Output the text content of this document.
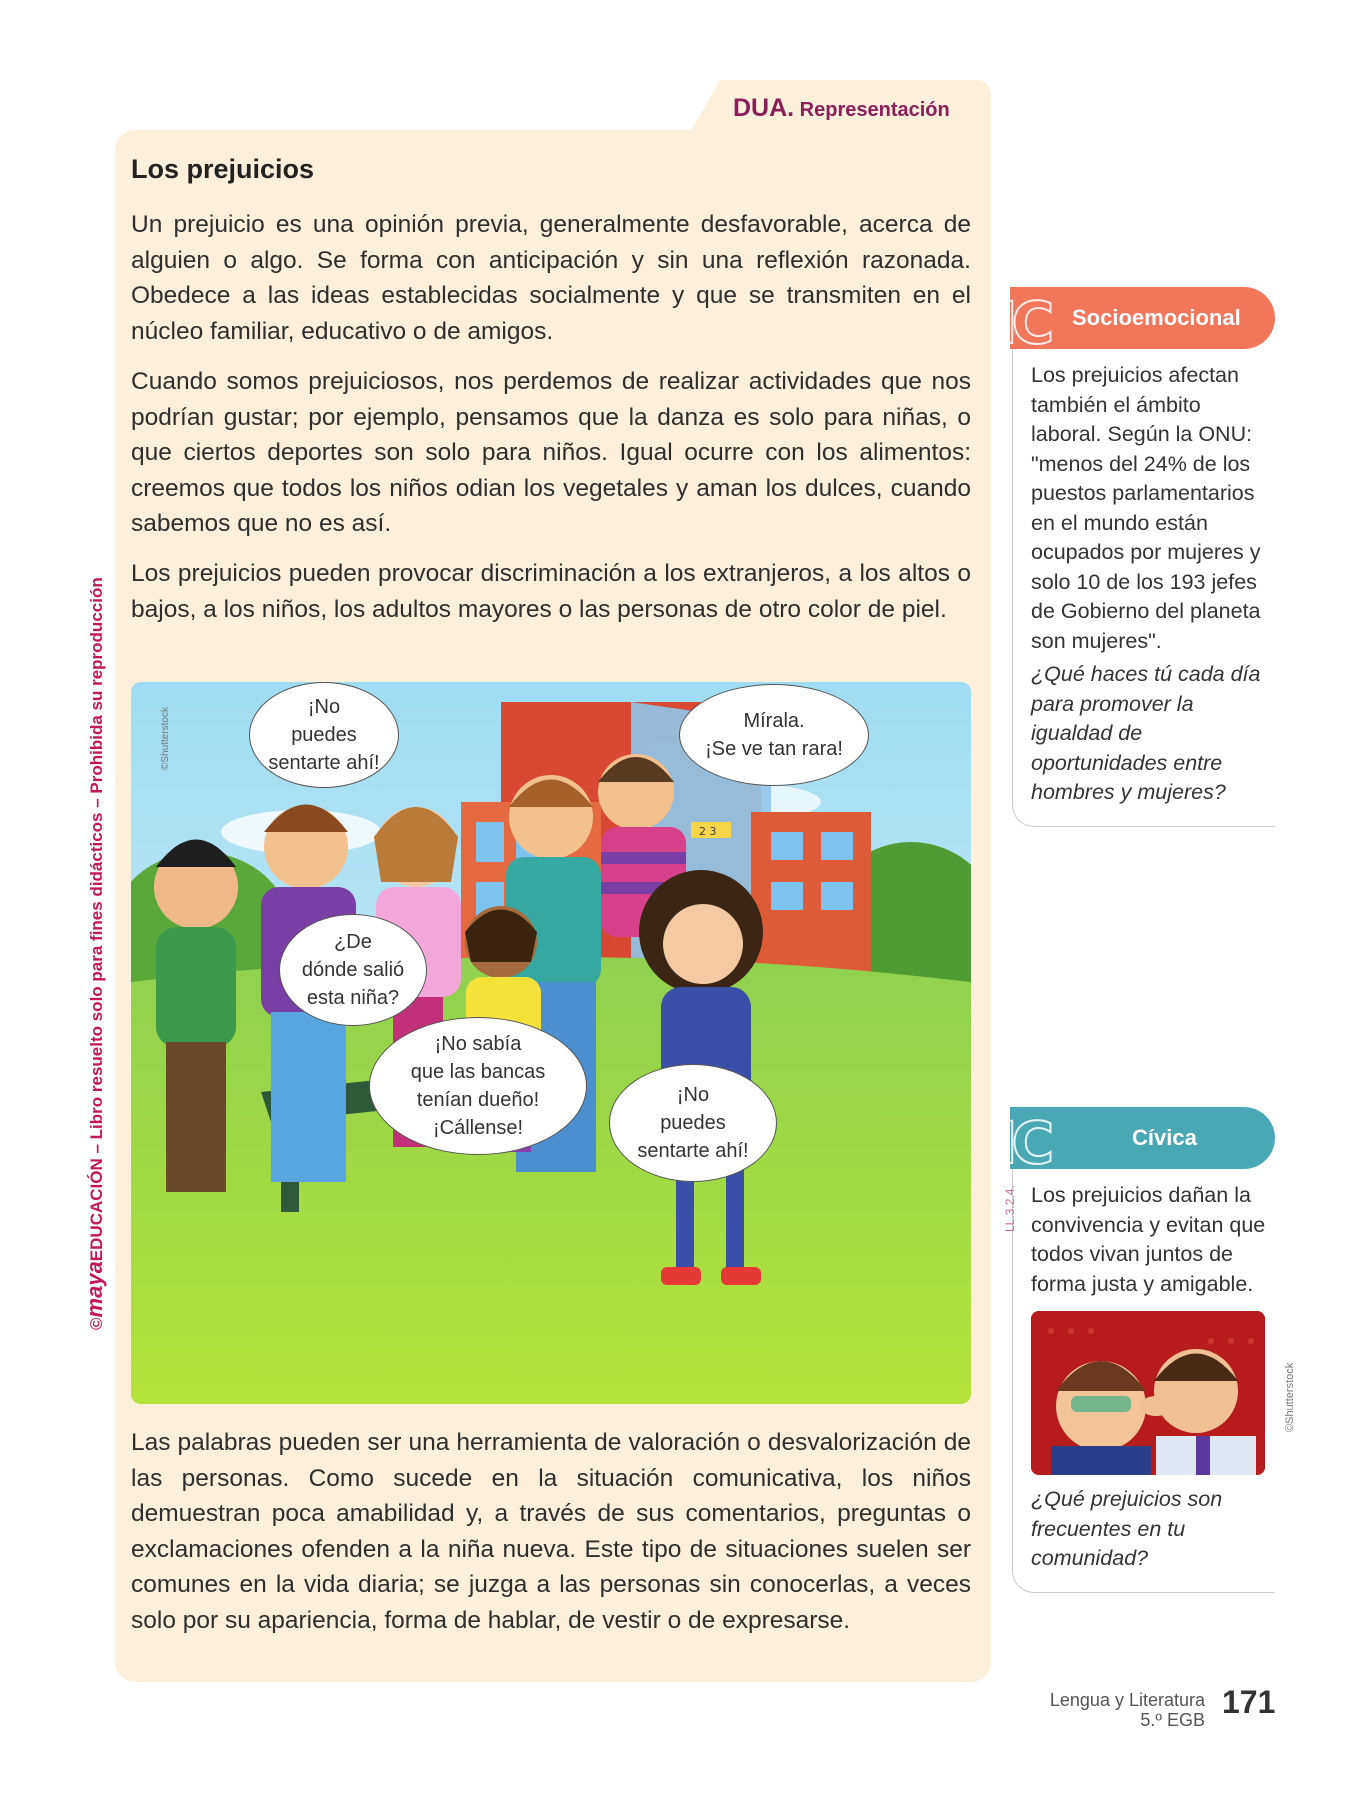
©mayaEDUCACIÓN – Libro resuelto solo para fines didácticos – Prohibida su reproducción
DUA. Representación
Los prejuicios

Un prejuicio es una opinión previa, generalmente desfavorable, acerca de alguien o algo. Se forma con anticipación y sin una reflexión razonada. Obedece a las ideas establecidas socialmente y que se transmiten en el núcleo familiar, educativo o de amigos.

Cuando somos prejuiciosos, nos perdemos de realizar actividades que nos podrían gustar; por ejemplo, pensamos que la danza es solo para niñas, o que ciertos deportes son solo para niños. Igual ocurre con los alimentos: creemos que todos los niños odian los vegetales y aman los dulces, cuando sabemos que no es así.

Los prejuicios pueden provocar discriminación a los extranjeros, a los altos o bajos, a los niños, los adultos mayores o las personas de otro color de piel.

2 3
¡No
puedes
sentarte ahí!
Mírala.
¡Se ve tan rara!
¿De
dónde salió
esta niña?
¡No sabía
que las bancas
tenían dueño!
¡Cállense!
¡No
puedes
sentarte ahí!
©Shutterstock

Las palabras pueden ser una herramienta de valoración o desvalorización de las personas. Como sucede en la situación comunicativa, los niños demuestran poca amabilidad y, a través de sus comentarios, preguntas o exclamaciones ofenden a la niña nueva. Este tipo de situaciones suelen ser comunes en la vida diaria; se juzga a las personas sin conocerlas, a veces solo por su apariencia, forma de hablar, de vestir o de expresarse.

IC Socioemocional
Los prejuicios afectan también el ámbito laboral. Según la ONU: "menos del 24% de los puestos parlamentarios en el mundo están ocupados por mujeres y solo 10 de los 193 jefes de Gobierno del planeta son mujeres".
¿Qué haces tú cada día para promover la igualdad de oportunidades entre hombres y mujeres?
IC	Cívica
Los prejuicios dañan la convivencia y evitan que todos vivan juntos de forma justa y amigable.
¿Qué prejuicios son frecuentes en tu comunidad?
LL.3.2.4.
©Shutterstock
Lengua y Literatura
5.º EGB 171
